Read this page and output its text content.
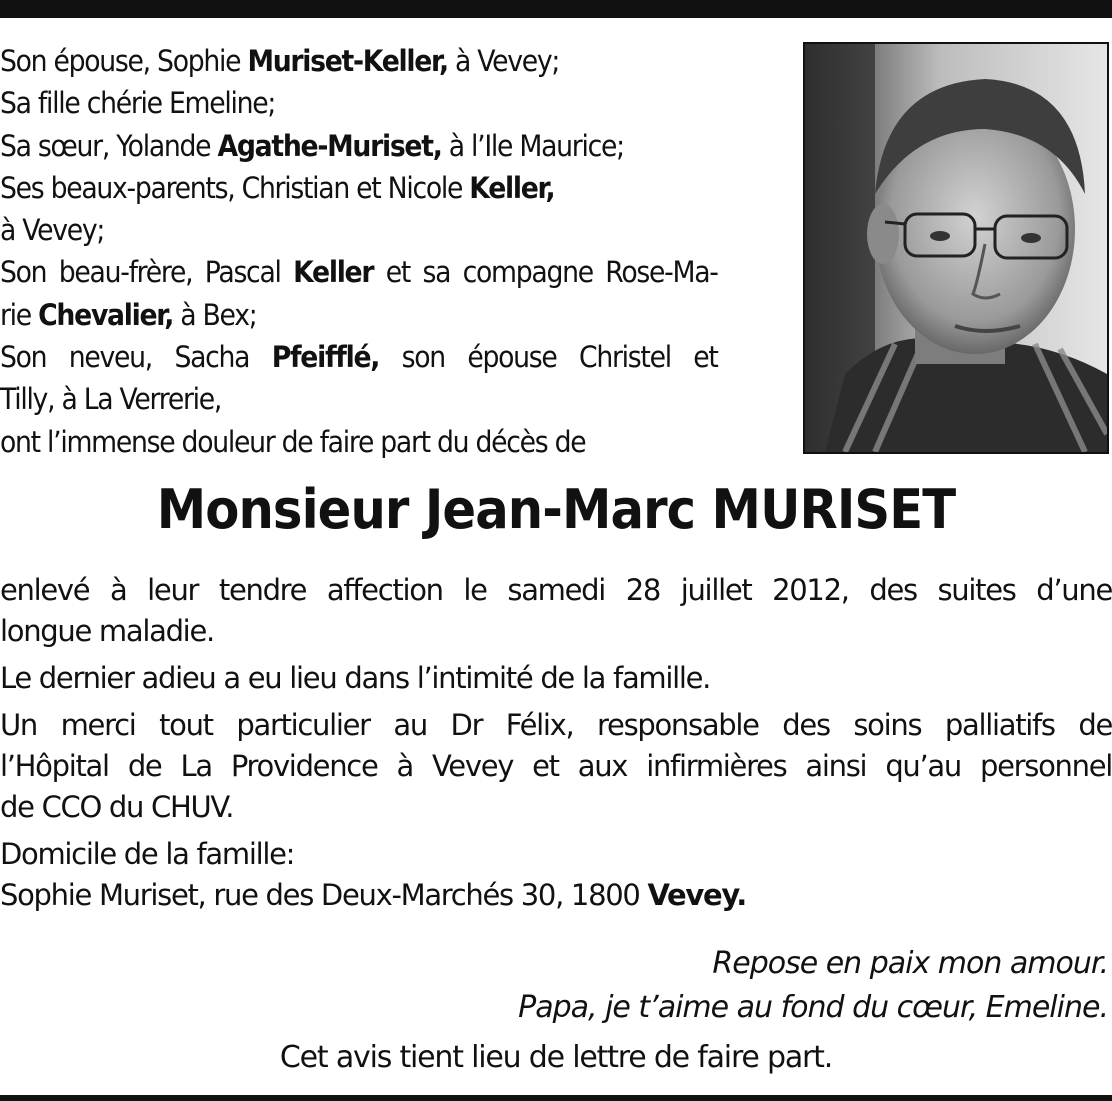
Son épouse, Sophie Muriset-Keller, à Vevey;
Sa fille chérie Emeline;
Sa sœur, Yolande Agathe-Muriset, à l’Ile Maurice;
Ses beaux-parents, Christian et Nicole Keller,
à Vevey;
Son beau-frère, Pascal Keller et sa compagne Rose-Ma-
rie Chevalier, à Bex;
Son neveu, Sacha Pfeifflé, son épouse Christel et
Tilly, à La Verrerie,
ont l’immense douleur de faire part du décès de
Monsieur Jean-Marc MURISET

enlevé à leur tendre affection le samedi 28 juillet 2012, des suites d’une
longue maladie.

Le dernier adieu a eu lieu dans l’intimité de la famille.

Un merci tout particulier au Dr Félix, responsable des soins palliatifs de
l’Hôpital de La Providence à Vevey et aux infirmières ainsi qu’au personnel
de CCO du CHUV.

Domicile de la famille:
Sophie Muriset, rue des Deux-Marchés 30, 1800 Vevey.

Repose en paix mon amour.
Papa, je t’aime au fond du cœur, Emeline.
Cet avis tient lieu de lettre de faire part.
